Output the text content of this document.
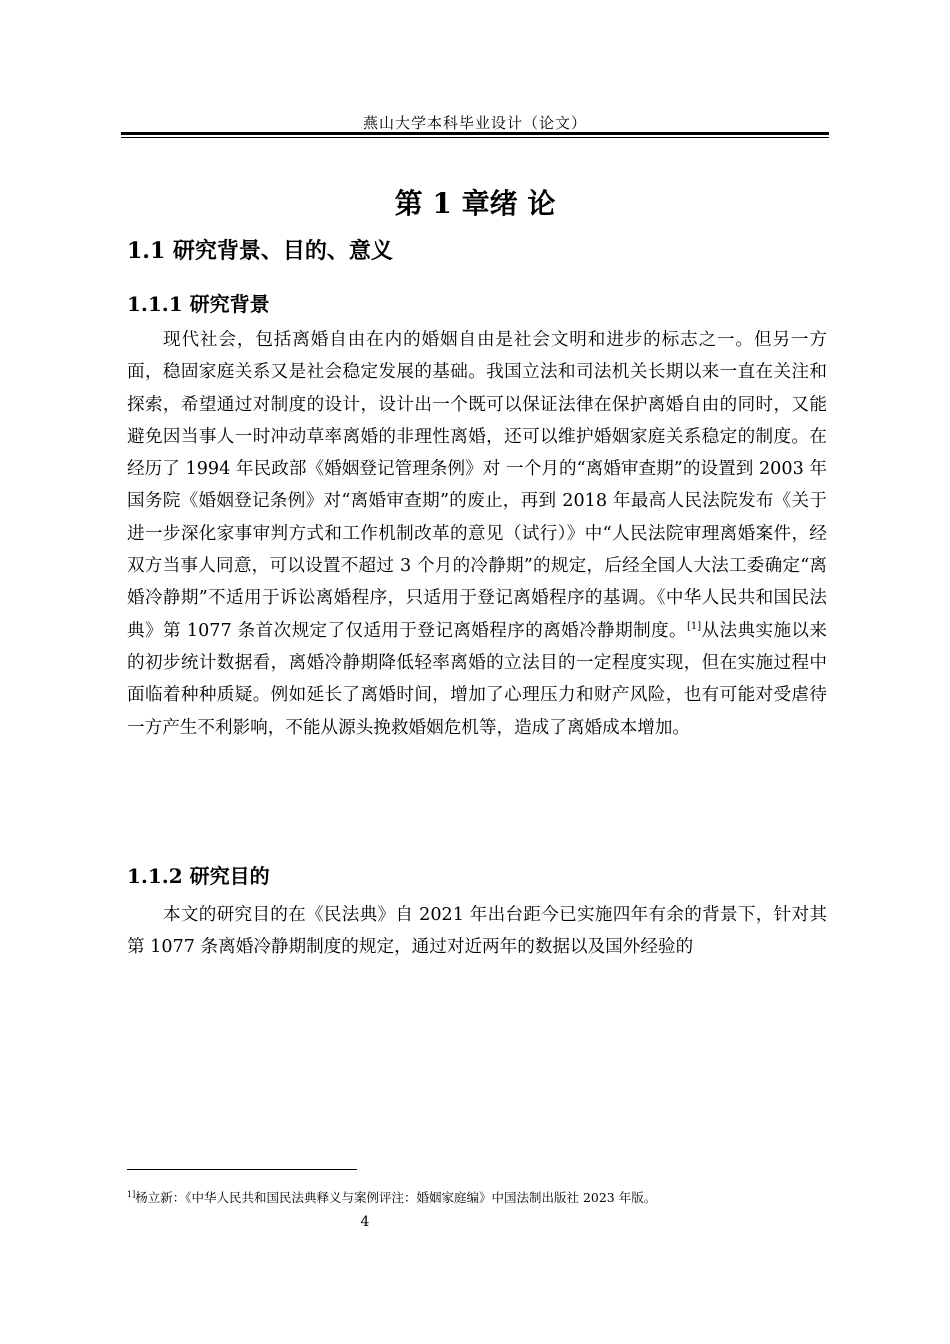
燕山大学本科毕业设计（论文）
第 1 章绪 论
1.1 研究背景、目的、意义
1.1.1 研究背景
现代社会，包括离婚自由在内的婚姻自由是社会文明和进步的标志之一。但另一方面，稳固家庭关系又是社会稳定发展的基础。我国立法和司法机关长期以来一直在关注和探索，希望通过对制度的设计，设计出一个既可以保证法律在保护离婚自由的同时，又能避免因当事人一时冲动草率离婚的非理性离婚，还可以维护婚姻家庭关系稳定的制度。在经历了 1994 年民政部《婚姻登记管理条例》对 一个月的“离婚审查期”的设置到 2003 年国务院《婚姻登记条例》对“离婚审查期”的废止，再到 2018 年最高人民法院发布《关于进一步深化家事审判方式和工作机制改革的意见（试行）》中“人民法院审理离婚案件，经双方当事人同意，可以设置不超过 3 个月的冷静期”的规定，后经全国人大法工委确定“离婚冷静期”不适用于诉讼离婚程序，只适用于登记离婚程序的基调。《中华人民共和国民法典》第 1077 条首次规定了仅适用于登记离婚程序的离婚冷静期制度。[1]从法典实施以来的初步统计数据看，离婚冷静期降低轻率离婚的立法目的一定程度实现，但在实施过程中面临着种种质疑。例如延长了离婚时间，增加了心理压力和财产风险，也有可能对受虐待一方产生不利影响，不能从源头挽救婚姻危机等，造成了离婚成本增加。
1.1.2 研究目的
本文的研究目的在《民法典》自 2021 年出台距今已实施四年有余的背景下，针对其第 1077 条离婚冷静期制度的规定，通过对近两年的数据以及国外经验的
$^{1]}$杨立新：《中华人民共和国民法典释义与案例评注：婚姻家庭编》中国法制出版社 2023 年版。
4
